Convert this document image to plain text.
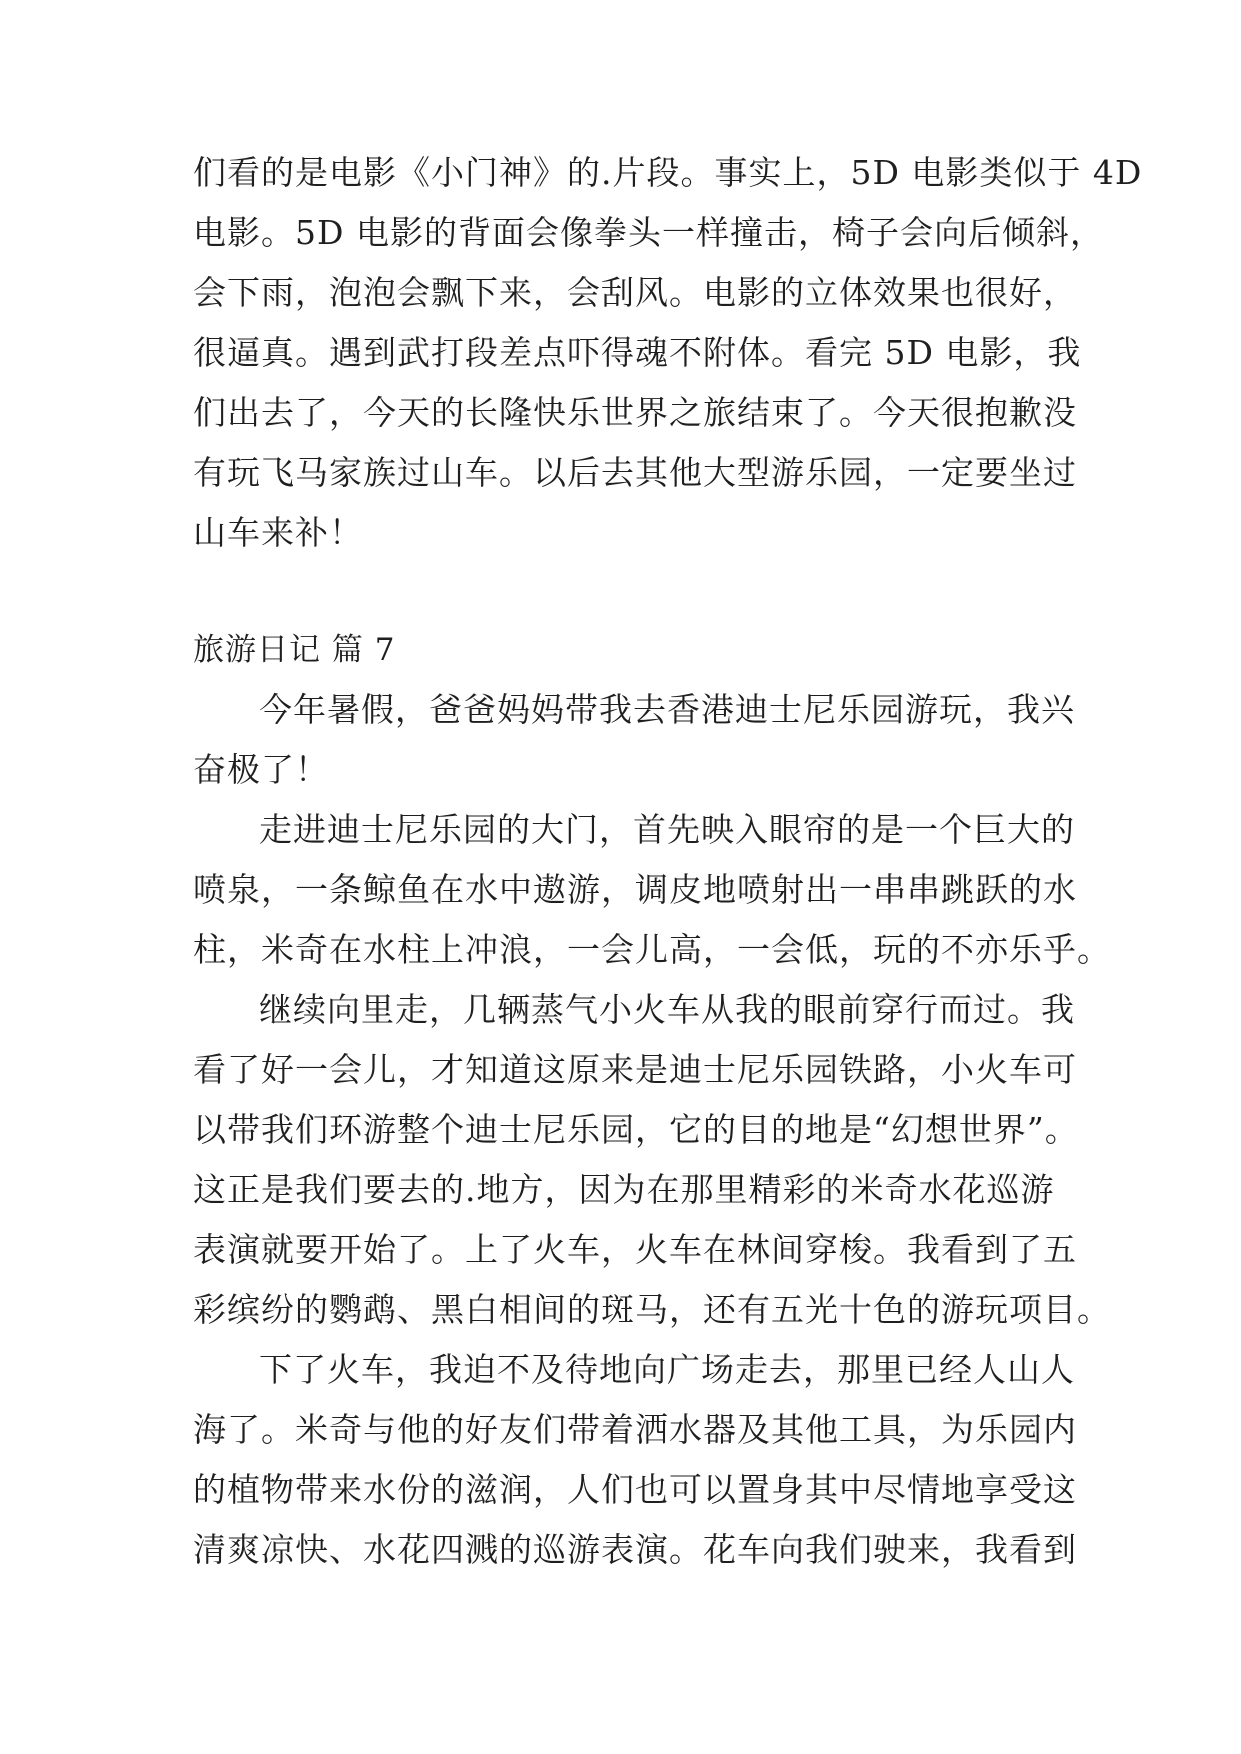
们看的是电影《小门神》的.片段。事实上，5D 电影类似于 4D
电影。5D 电影的背面会像拳头一样撞击，椅子会向后倾斜，
会下雨，泡泡会飘下来，会刮风。电影的立体效果也很好，
很逼真。遇到武打段差点吓得魂不附体。看完 5D 电影，我
们出去了，今天的长隆快乐世界之旅结束了。今天很抱歉没
有玩飞马家族过山车。以后去其他大型游乐园，一定要坐过
山车来补！
旅游日记 篇 7
今年暑假，爸爸妈妈带我去香港迪士尼乐园游玩，我兴
奋极了！
走进迪士尼乐园的大门，首先映入眼帘的是一个巨大的
喷泉，一条鲸鱼在水中遨游，调皮地喷射出一串串跳跃的水
柱，米奇在水柱上冲浪，一会儿高，一会低，玩的不亦乐乎。
继续向里走，几辆蒸气小火车从我的眼前穿行而过。我
看了好一会儿，才知道这原来是迪士尼乐园铁路，小火车可
以带我们环游整个迪士尼乐园，它的目的地是“幻想世界”。
这正是我们要去的.地方，因为在那里精彩的米奇水花巡游
表演就要开始了。上了火车，火车在林间穿梭。我看到了五
彩缤纷的鹦鹉、黑白相间的斑马，还有五光十色的游玩项目。
下了火车，我迫不及待地向广场走去，那里已经人山人
海了。米奇与他的好友们带着洒水器及其他工具，为乐园内
的植物带来水份的滋润，人们也可以置身其中尽情地享受这
清爽凉快、水花四溅的巡游表演。花车向我们驶来，我看到
